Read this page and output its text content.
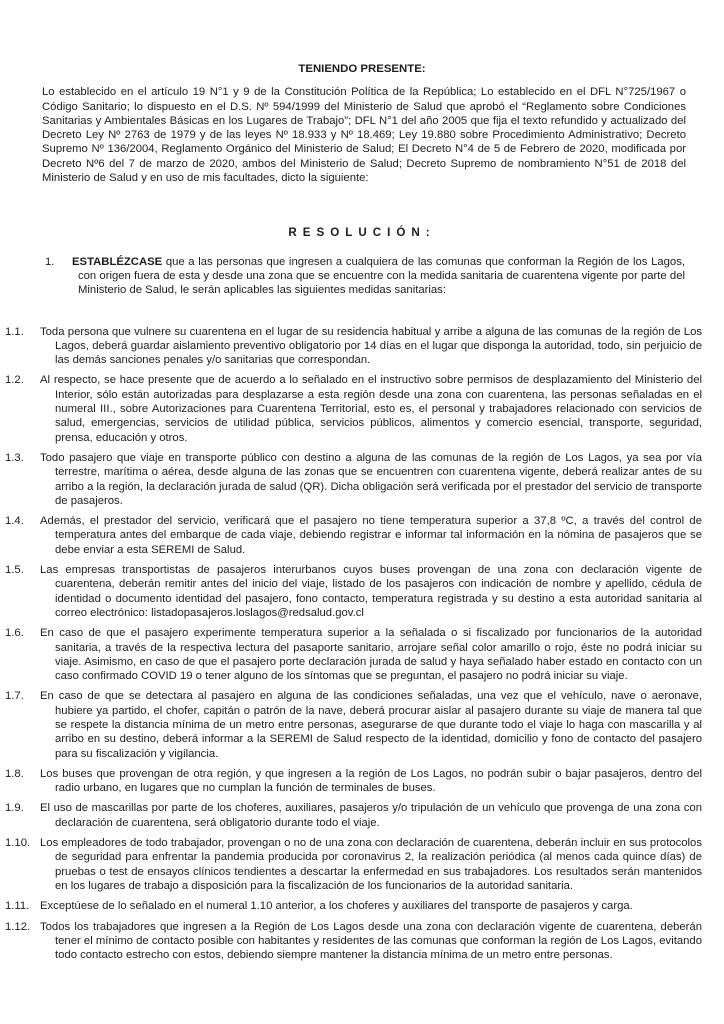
TENIENDO PRESENTE:

Lo establecido en el artículo 19 N°1 y 9 de la Constitución Política de la República; Lo establecido en el DFL N°725/1967 o Código Sanitario; lo dispuesto en el D.S. Nº 594/1999 del Ministerio de Salud que aprobó el “Reglamento sobre Condiciones Sanitarias y Ambientales Básicas en los Lugares de Trabajo”; DFL N°1 del año 2005 que fija el texto refundido y actualizado del Decreto Ley Nº 2763 de 1979 y de las leyes Nº 18.933 y Nº 18.469; Ley 19.880 sobre Procedimiento Administrativo; Decreto Supremo Nº 136/2004, Reglamento Orgánico del Ministerio de Salud; El Decreto N°4 de 5 de Febrero de 2020, modificada por Decreto Nº6 del 7 de marzo de 2020, ambos del Ministerio de Salud; Decreto Supremo de nombramiento N°51 de 2018 del Ministerio de Salud y en uso de mis facultades, dicto la siguiente:

RESOLUCIÓN:
1.	ESTABLÉZCASE que a las personas que ingresen a cualquiera de las comunas que conforman la Región de los Lagos, con origen fuera de esta y desde una zona que se encuentre con la medida sanitaria de cuarentena vigente por parte del Ministerio de Salud, le serán aplicables las siguientes medidas sanitarias:
1.1.	Toda persona que vulnere su cuarentena en el lugar de su residencia habitual y arribe a alguna de las comunas de la región de Los Lagos, deberá guardar aislamiento preventivo obligatorio por 14 días en el lugar que disponga la autoridad, todo, sin perjuicio de las demás sanciones penales y/o sanitarias que correspondan.
1.2.	Al respecto, se hace presente que de acuerdo a lo señalado en el instructivo sobre permisos de desplazamiento del Ministerio del Interior, sólo están autorizadas para desplazarse a esta región desde una zona con cuarentena, las personas señaladas en el numeral III., sobre Autorizaciones para Cuarentena Territorial, esto es, el personal y trabajadores relacionado con servicios de salud, emergencias, servicios de utilidad pública, servicios públicos, alimentos y comercio esencial, transporte, seguridad, prensa, educación y otros.
1.3.	Todo pasajero que viaje en transporte público con destino a alguna de las comunas de la región de Los Lagos, ya sea por vía terrestre, marítima o aérea, desde alguna de las zonas que se encuentren con cuarentena vigente, deberá realizar antes de su arribo a la región, la declaración jurada de salud (QR). Dicha obligación será verificada por el prestador del servicio de transporte de pasajeros.
1.4.	Además, el prestador del servicio, verificará que el pasajero no tiene temperatura superior a 37,8 ºC, a través del control de temperatura antes del embarque de cada viaje, debiendo registrar e informar tal información en la nómina de pasajeros que se debe enviar a esta SEREMI de Salud.
1.5.	Las empresas transportistas de pasajeros interurbanos cuyos buses provengan de una zona con declaración vigente de cuarentena, deberán remitir antes del inicio del viaje, listado de los pasajeros con indicación de nombre y apellido, cédula de identidad o documento identidad del pasajero, fono contacto, temperatura registrada y su destino a esta autoridad sanitaria al correo electrónico: listadopasajeros.loslagos@redsalud.gov.cl
1.6.	En caso de que el pasajero experimente temperatura superior a la señalada o si fiscalizado por funcionarios de la autoridad sanitaria, a través de la respectiva lectura del pasaporte sanitario, arrojare señal color amarillo o rojo, éste no podrá iniciar su viaje. Asimismo, en caso de que el pasajero porte declaración jurada de salud y haya señalado haber estado en contacto con un caso confirmado COVID 19 o tener alguno de los síntomas que se preguntan, el pasajero no podrá iniciar su viaje.
1.7.	En caso de que se detectara al pasajero en alguna de las condiciones señaladas, una vez que el vehículo, nave o aeronave, hubiere ya partido, el chofer, capitán o patrón de la nave, deberá procurar aislar al pasajero durante su viaje de manera tal que se respete la distancia mínima de un metro entre personas, asegurarse de que durante todo el viaje lo haga con mascarilla y al arribo en su destino, deberá informar a la SEREMI de Salud respecto de la identidad, domicilio y fono de contacto del pasajero para su fiscalización y vigilancia.
1.8.	Los buses que provengan de otra región, y que ingresen a la región de Los Lagos, no podrán subir o bajar pasajeros, dentro del radio urbano, en lugares que no cumplan la función de terminales de buses.
1.9.	El uso de mascarillas por parte de los choferes, auxiliares, pasajeros y/o tripulación de un vehículo que provenga de una zona con declaración de cuarentena, será obligatorio durante todo el viaje.
1.10. Los empleadores de todo trabajador, provengan o no de una zona con declaración de cuarentena, deberán incluir en sus protocolos de seguridad para enfrentar la pandemia producida por coronavirus 2, la realización periódica (al menos cada quince días) de pruebas o test de ensayos clínicos tendientes a descartar la enfermedad en sus trabajadores. Los resultados serán mantenidos en los lugares de trabajo a disposición para la fiscalización de los funcionarios de la autoridad sanitaria.
1.11. Exceptúese de lo señalado en el numeral 1.10 anterior, a los choferes y auxiliares del transporte de pasajeros y carga.
1.12. Todos los trabajadores que ingresen a la Región de Los Lagos desde una zona con declaración vigente de cuarentena, deberán tener el mínimo de contacto posible con habitantes y residentes de las comunas que conforman la región de Los Lagos, evitando todo contacto estrecho con estos, debiendo siempre mantener la distancia mínima de un metro entre personas.
